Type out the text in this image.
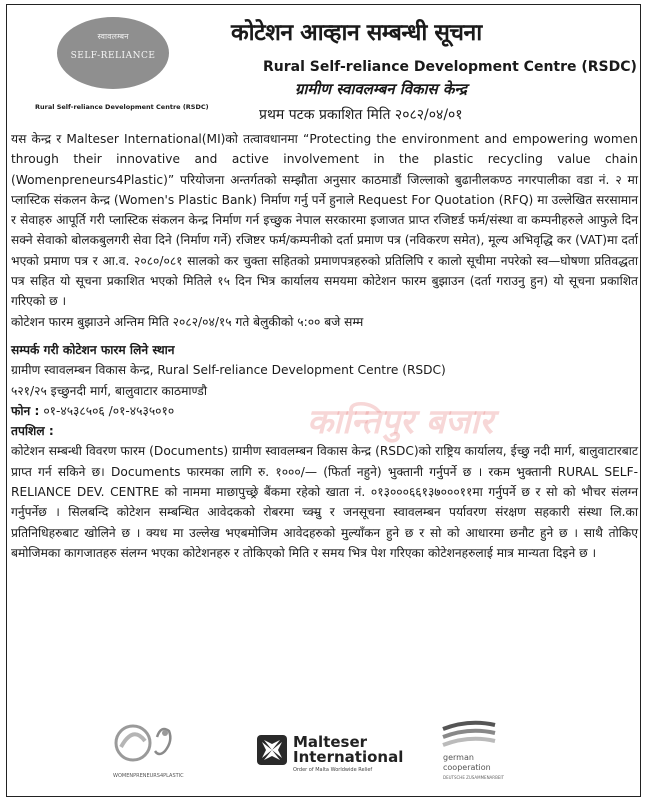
स्वावलम्बन
SELF-RELIANCE
Rural Self-reliance Development Centre (RSDC)
कोटेशन आव्हान सम्बन्धी सूचना
Rural Self-reliance Development Centre (RSDC)
ग्रामीण स्वावलम्बन विकास केन्द्र
प्रथम पटक प्रकाशित मिति २०८२/०४/०१
कान्तिपुर बजार

यस केन्द्र र Malteser International(MI)को तत्वावधानमा “Protecting the environment and empowering women through their innovative and active involvement in the plastic recycling value chain (Womenpreneurs4Plastic)” परियोजना अन्तर्गतको सम्झौता अनुसार काठमाडौं जिल्लाको बुढानीलकण्ठ नगरपालीका वडा नं. २ मा प्लास्टिक संकलन केन्द्र (Women's Plastic Bank) निर्माण गर्नु पर्ने हुनाले Request For Quotation (RFQ) मा उल्लेखित सरसामान र सेवाहरु आपूर्ति गरी प्लास्टिक संकलन केन्द्र निर्माण गर्न इच्छुक नेपाल सरकारमा इजाजत प्राप्त रजिष्टर्ड फर्म/संस्था वा कम्पनीहरुले आफुले दिन सक्ने सेवाको बोलकबुलगरी सेवा दिने (निर्माण गर्ने) रजिष्टर फर्म/कम्पनीको दर्ता प्रमाण पत्र (नविकरण समेत), मूल्य अभिवृद्धि कर (VAT)मा दर्ता भएको प्रमाण पत्र र आ.व. २०८०/०८१ सालको कर चुक्ता सहितको प्रमाणपत्रहरुको प्रतिलिपि र कालो सूचीमा नपरेको स्व—घोषणा प्रतिवद्धता पत्र सहित यो सूचना प्रकाशित भएको मितिले १५ दिन भित्र कार्यालय समयमा कोटेशन फारम बुझाउन (दर्ता गराउनु हुन) यो सूचना प्रकाशित गरिएको छ ।

कोटेशन फारम बुझाउने अन्तिम मिति २०८२/०४/१५ गते बेलुकीको ५:०० बजे सम्म

सम्पर्क गरी कोटेशन फारम लिने स्थान

ग्रामीण स्वावलम्बन विकास केन्द्र, Rural Self-reliance Development Centre (RSDC)

५२१/२५ इच्छुनदी मार्ग, बालुवाटार काठमाण्डौ

फोन : ०१-४५३८५०६ /०१-४५३५०१०

तपशिल :

कोटेशन सम्बन्धी विवरण फारम (Documents) ग्रामीण स्वावलम्बन विकास केन्द्र (RSDC)को राष्ट्रिय कार्यालय, ईच्छु नदी मार्ग, बालुवाटारबाट प्राप्त गर्न सकिने छ। Documents फारमका लागि रु. १०००/— (फिर्ता नहुने) भुक्तानी गर्नुपर्ने छ । रकम भुक्तानी RURAL SELF-RELIANCE DEV. CENTRE को नाममा माछापुच्छ्रे बैंकमा रहेको खाता नं. ०१३०००६६१३७०००११मा गर्नुपर्ने छ र सो को भौचर संलग्न गर्नुपर्नेछ । सिलबन्दि कोटेशन सम्बन्धित आवेदकको रोबरमा च्क्म्रु र जनसूचना स्वावलम्बन पर्यावरण संरक्षण सहकारी संस्था लि.का प्रतिनिधिहरुबाट खोलिने छ । क्यध मा उल्लेख भएबमोजिम आवेदहरुको मुल्याँकन हुने छ र सो को आधारमा छनौट हुने छ । साथै तोकिए बमोजिमका कागजातहरु संलग्न भएका कोटेशनहरु र तोकिएको मिति र समय भित्र पेश गरिएका कोटेशनहरुलाई मात्र मान्यता दिइने छ ।

WOMENPRENEURS4PLASTIC
Malteser
International
Order of Malta Worldwide Relief
german
cooperation
DEUTSCHE ZUSAMMENARBEIT
